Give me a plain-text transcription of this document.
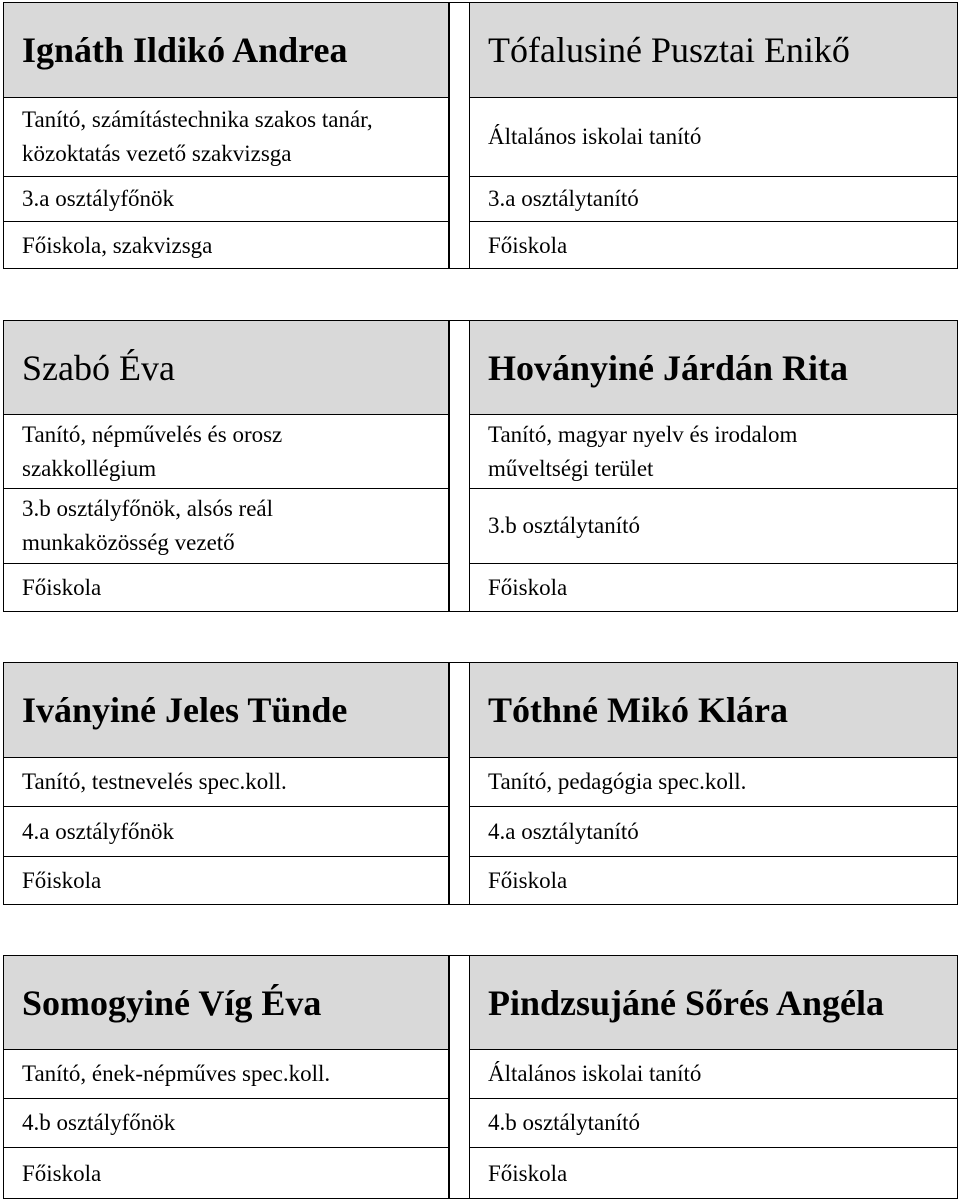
Ignáth Ildikó Andrea
Tanító, számítástechnika szakos tanár,
közoktatás vezető szakvizsga
3.a osztályfőnök
Főiskola, szakvizsga
Tófalusiné Pusztai Enikő
Általános iskolai tanító
3.a osztálytanító
Főiskola
Szabó Éva
Tanító, népművelés és orosz
szakkollégium
3.b osztályfőnök, alsós reál
munkaközösség vezető
Főiskola
Hoványiné Járdán Rita
Tanító, magyar nyelv és irodalom
műveltségi terület
3.b osztálytanító
Főiskola
Iványiné Jeles Tünde
Tanító, testnevelés spec.koll.
4.a osztályfőnök
Főiskola
Tóthné Mikó Klára
Tanító, pedagógia spec.koll.
4.a osztálytanító
Főiskola
Somogyiné Víg Éva
Tanító, ének-népműves spec.koll.
4.b osztályfőnök
Főiskola
Pindzsujáné Sőrés Angéla
Általános iskolai tanító
4.b osztálytanító
Főiskola
